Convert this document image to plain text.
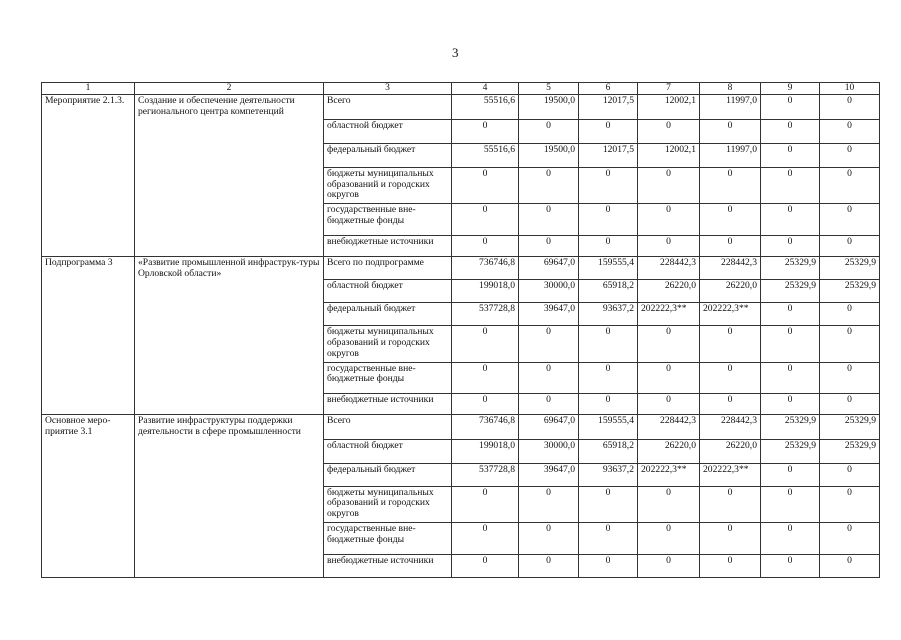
3
1	2	3	4	5	6	7	8	9	10
Мероприятие 2.1.3.	Создание и обеспечение деятельности регионального центра компетенций	Всего	55516,6	19500,0	12017,5	12002,1	11997,0	0	0
		областной бюджет	0	0	0	0	0	0	0
		федеральный бюджет	55516,6	19500,0	12017,5	12002,1	11997,0	0	0
		бюджеты муниципальных образований и городских округов	0	0	0	0	0	0	0
		государственные вне-бюджетные фонды	0	0	0	0	0	0	0
		внебюджетные источники	0	0	0	0	0	0	0
Подпрограмма 3	«Развитие промышленной инфраструк-туры Орловской области»	Всего по подпрограмме	736746,8	69647,0	159555,4	228442,3	228442,3	25329,9	25329,9
		областной бюджет	199018,0	30000,0	65918,2	26220,0	26220,0	25329,9	25329,9
		федеральный бюджет	537728,8	39647,0	93637,2	202222,3**	202222,3**	0	0
		бюджеты муниципальных образований и городских округов	0	0	0	0	0	0	0
		государственные вне-бюджетные фонды	0	0	0	0	0	0	0
		внебюджетные источники	0	0	0	0	0	0	0
Основное меро-приятие 3.1	Развитие инфраструктуры поддержки деятельности в сфере промышленности	Всего	736746,8	69647,0	159555,4	228442,3	228442,3	25329,9	25329,9
		областной бюджет	199018,0	30000,0	65918,2	26220,0	26220,0	25329,9	25329,9
		федеральный бюджет	537728,8	39647,0	93637,2	202222,3**	202222,3**	0	0
		бюджеты муниципальных образований и городских округов	0	0	0	0	0	0	0
		государственные вне-бюджетные фонды	0	0	0	0	0	0	0
		внебюджетные источники	0	0	0	0	0	0	0
